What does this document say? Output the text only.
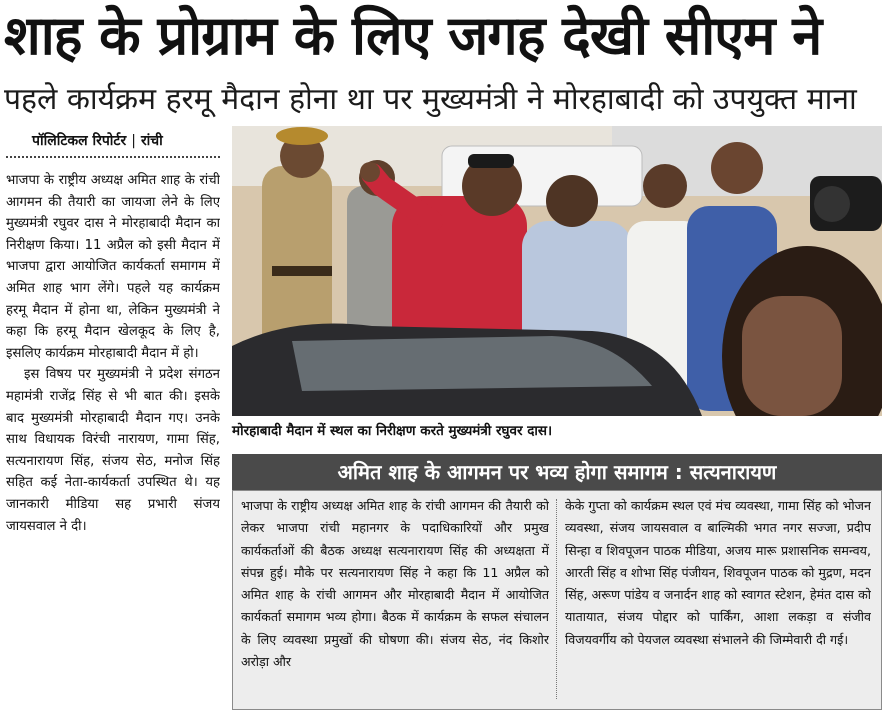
शाह के प्रोग्राम के लिए जगह देखी सीएम ने
पहले कार्यक्रम हरमू मैदान होना था पर मुख्यमंत्री ने मोरहाबादी को उपयुक्त माना
पॉलिटिकल रिपोर्टर | रांची

भाजपा के राष्ट्रीय अध्यक्ष अमित शाह के रांची आगमन की तैयारी का जायजा लेने के लिए मुख्यमंत्री रघुवर दास ने मोरहाबादी मैदान का निरीक्षण किया। 11 अप्रैल को इसी मैदान में भाजपा द्वारा आयोजित कार्यकर्ता समागम में अमित शाह भाग लेंगे। पहले यह कार्यक्रम हरमू मैदान में होना था, लेकिन मुख्यमंत्री ने कहा कि हरमू मैदान खेलकूद के लिए है, इसलिए कार्यक्रम मोरहाबादी मैदान में हो।

इस विषय पर मुख्यमंत्री ने प्रदेश संगठन महामंत्री राजेंद्र सिंह से भी बात की। इसके बाद मुख्यमंत्री मोरहाबादी मैदान गए। उनके साथ विधायक विरंची नारायण, गामा सिंह, सत्यनारायण सिंह, संजय सेठ, मनोज सिंह सहित कई नेता-कार्यकर्ता उपस्थित थे। यह जानकारी मीडिया सह प्रभारी संजय जायसवाल ने दी।

मोरहाबादी मैदान में स्थल का निरीक्षण करते मुख्यमंत्री रघुवर दास।
अमित शाह के आगमन पर भव्य होगा समागम : सत्यनारायण
भाजपा के राष्ट्रीय अध्यक्ष अमित शाह के रांची आगमन की तैयारी को लेकर भाजपा रांची महानगर के पदाधिकारियों और प्रमुख कार्यकर्ताओं की बैठक अध्यक्ष सत्यनारायण सिंह की अध्यक्षता में संपन्न हुई। मौके पर सत्यनारायण सिंह ने कहा कि 11 अप्रैल को अमित शाह के रांची आगमन और मोरहाबादी मैदान में आयोजित कार्यकर्ता समागम भव्य होगा। बैठक में कार्यक्रम के सफल संचालन के लिए व्यवस्था प्रमुखों की घोषणा की। संजय सेठ, नंद किशोर अरोड़ा और
केके गुप्ता को कार्यक्रम स्थल एवं मंच व्यवस्था, गामा सिंह को भोजन व्यवस्था, संजय जायसवाल व बाल्मिकी भगत नगर सज्जा, प्रदीप सिन्हा व शिवपूजन पाठक मीडिया, अजय मारू प्रशासनिक समन्वय, आरती सिंह व शोभा सिंह पंजीयन, शिवपूजन पाठक को मुद्रण, मदन सिंह, अरूण पांडेय व जनार्दन शाह को स्वागत स्टेशन, हेमंत दास को यातायात, संजय पोद्दार को पार्किंग, आशा लकड़ा व संजीव विजयवर्गीय को पेयजल व्यवस्था संभालने की जिम्मेवारी दी गई।
